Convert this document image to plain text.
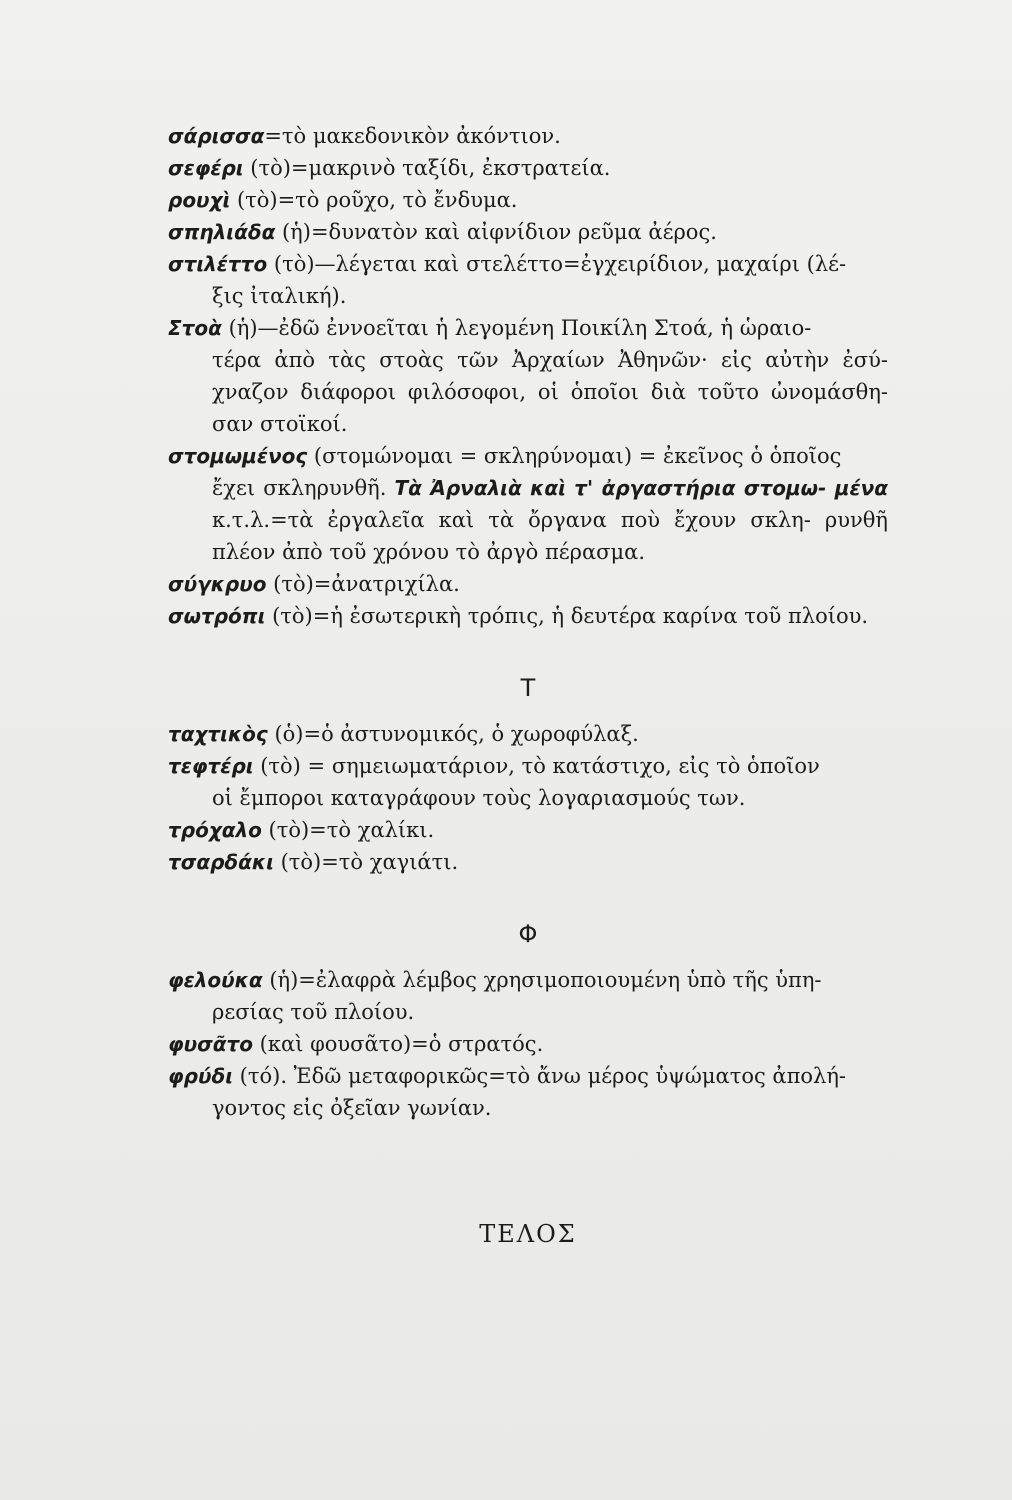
σάρισσα=τὸ μακεδονικὸν ἀκόντιον.

σεφέρι (τὸ)=μακρινὸ ταξίδι, ἐκστρατεία.

ρουχὶ (τὸ)=τὸ ροῦχο, τὸ ἔνδυμα.

σπηλιάδα (ἡ)=δυνατὸν καὶ αἰφνίδιον ρεῦμα ἀέρος.

στιλέττο (τὸ)—λέγεται καὶ στελέττο=ἐγχειρίδιον, μαχαίρι (λέ-
ξις ἰταλική).

Στοὰ (ἡ)—ἐδῶ ἐννοεῖται ἡ λεγομένη Ποικίλη Στοά, ἡ ὡραιο-
τέρα ἀπὸ τὰς στοὰς τῶν Ἀρχαίων Ἀθηνῶν· εἰς αὐτὴν ἐσύ- χναζον διάφοροι φιλόσοφοι, οἱ ὁποῖοι διὰ τοῦτο ὠνομάσθη- σαν στοϊκοί.

στομωμένος (στομώνομαι = σκληρύνομαι) = ἐκεῖνος ὁ ὁποῖος
ἔχει σκληρυνθῆ. Τὰ Ἀρναλιὰ καὶ τ' ἀργαστήρια στομω- μένα κ.τ.λ.=τὰ ἐργαλεῖα καὶ τὰ ὄργανα ποὺ ἔχουν σκλη- ρυνθῆ πλέον ἀπὸ τοῦ χρόνου τὸ ἀργὸ πέρασμα.

σύγκρυο (τὸ)=ἀνατριχίλα.

σωτρόπι (τὸ)=ἡ ἐσωτερικὴ τρόπις, ἡ δευτέρα καρίνα τοῦ πλοίου.

Τ

ταχτικὸς (ὁ)=ὁ ἀστυνομικός, ὁ χωροφύλαξ.

τεφτέρι (τὸ) = σημειωματάριον, τὸ κατάστιχο, εἰς τὸ ὁποῖον
οἱ ἔμποροι καταγράφουν τοὺς λογαριασμούς των.

τρόχαλο (τὸ)=τὸ χαλίκι.

τσαρδάκι (τὸ)=τὸ χαγιάτι.

Φ

φελούκα (ἡ)=ἐλαφρὰ λέμβος χρησιμοποιουμένη ὑπὸ τῆς ὑπη-
ρεσίας τοῦ πλοίου.

φυσᾶτο (καὶ φουσᾶτο)=ὁ στρατός.

φρύδι (τό). Ἐδῶ μεταφορικῶς=τὸ ἄνω μέρος ὑψώματος ἀπολή-
γοντος εἰς ὀξεῖαν γωνίαν.

ΤΕΛΟΣ
